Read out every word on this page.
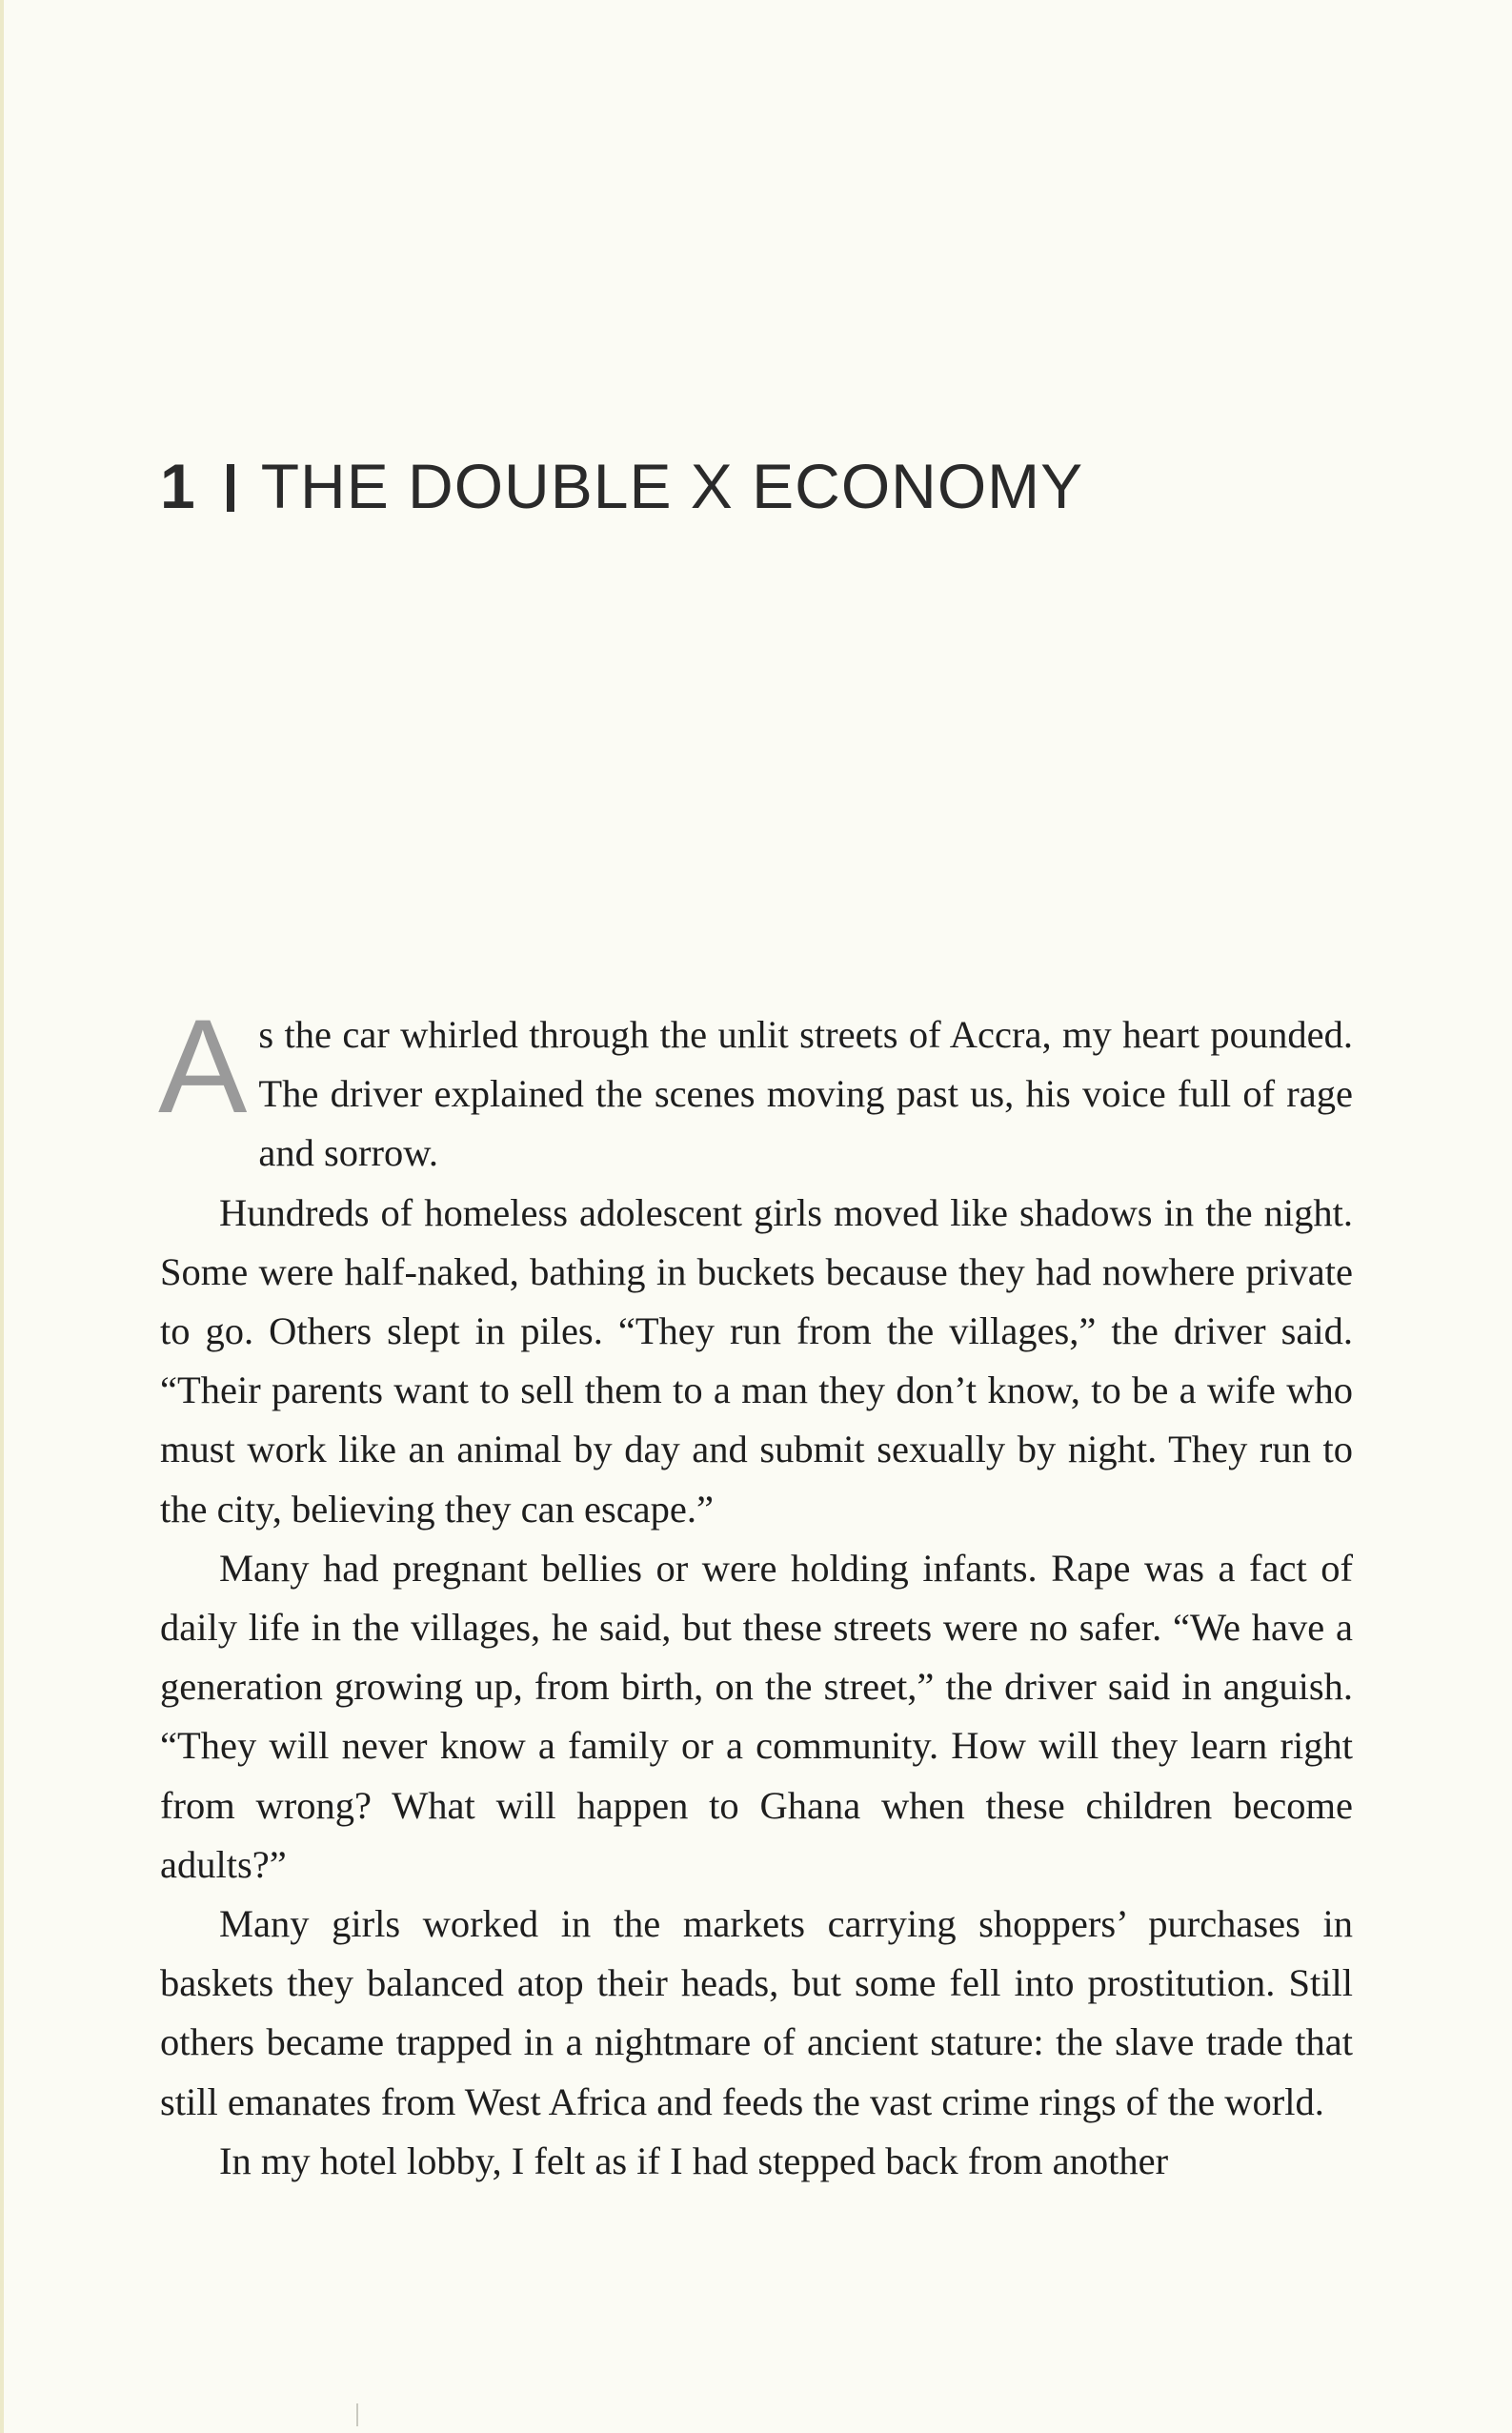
1 THE DOUBLE X ECONOMY

As the car whirled through the unlit streets of Accra, my heart pounded. The driver explained the scenes moving past us, his voice full of rage and sorrow.

Hundreds of homeless adolescent girls moved like shadows in the night. Some were half-naked, bathing in buckets because they had nowhere private to go. Others slept in piles. “They run from the villages,” the driver said. “Their parents want to sell them to a man they don’t know, to be a wife who must work like an animal by day and submit sexually by night. They run to the city, believing they can escape.”

Many had pregnant bellies or were holding infants. Rape was a fact of daily life in the villages, he said, but these streets were no safer. “We have a generation growing up, from birth, on the street,” the driver said in anguish. “They will never know a family or a community. How will they learn right from wrong? What will happen to Ghana when these children become adults?”

Many girls worked in the markets carrying shoppers’ purchases in baskets they balanced atop their heads, but some fell into prostitution. Still others became trapped in a nightmare of ancient stature: the slave trade that still emanates from West Africa and feeds the vast crime rings of the world.

In my hotel lobby, I felt as if I had stepped back from another
